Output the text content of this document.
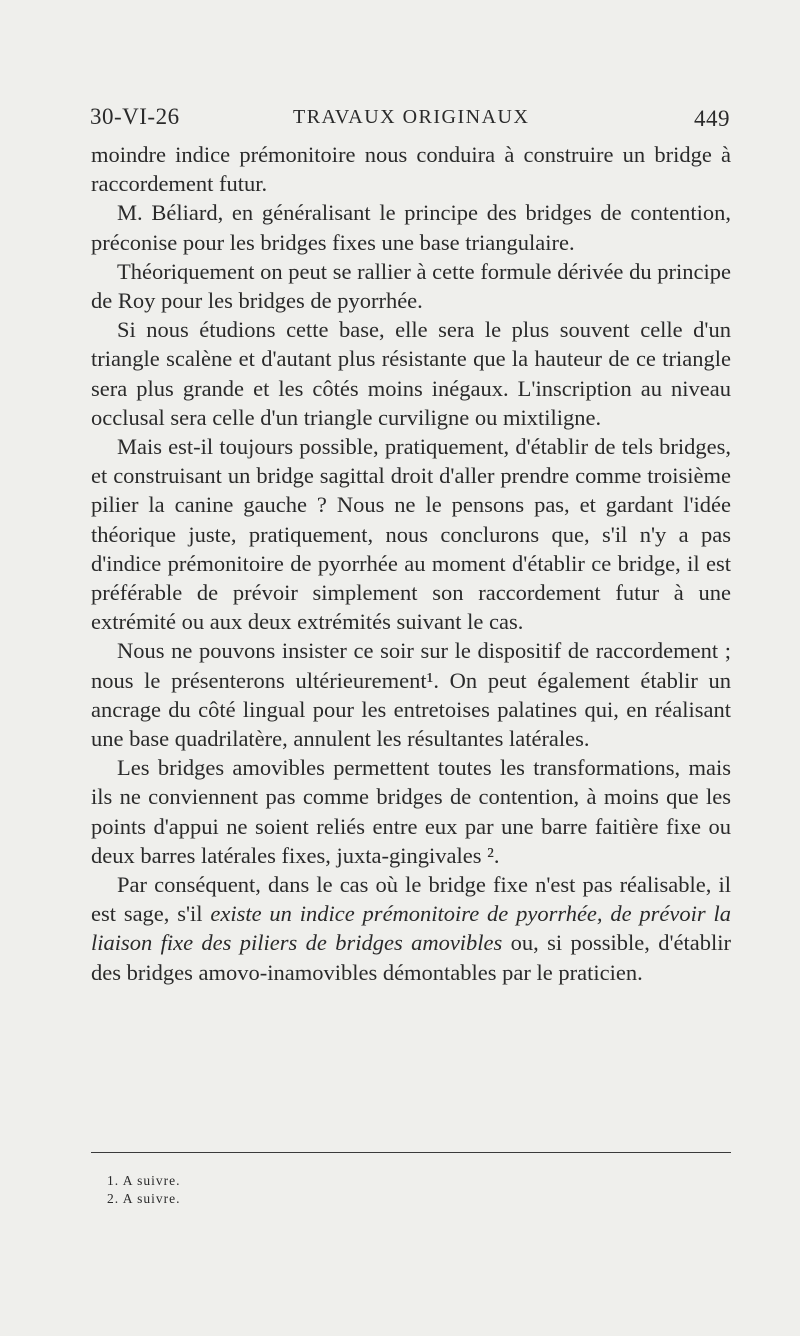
30-VI-26	TRAVAUX ORIGINAUX	449

moindre indice prémonitoire nous conduira à construire un bridge à raccordement futur.

M. Béliard, en généralisant le principe des bridges de contention, préconise pour les bridges fixes une base triangulaire.

Théoriquement on peut se rallier à cette formule dérivée du principe de Roy pour les bridges de pyorrhée.

Si nous étudions cette base, elle sera le plus souvent celle d'un triangle scalène et d'autant plus résistante que la hauteur de ce triangle sera plus grande et les côtés moins inégaux. L'inscription au niveau occlusal sera celle d'un triangle curviligne ou mixtiligne.

Mais est-il toujours possible, pratiquement, d'établir de tels bridges, et construisant un bridge sagittal droit d'aller prendre comme troisième pilier la canine gauche ? Nous ne le pensons pas, et gardant l'idée théorique juste, pratiquement, nous conclurons que, s'il n'y a pas d'indice prémonitoire de pyorrhée au moment d'établir ce bridge, il est préférable de prévoir simplement son raccordement futur à une extrémité ou aux deux extrémités suivant le cas.

Nous ne pouvons insister ce soir sur le dispositif de raccordement ; nous le présenterons ultérieurement¹. On peut également établir un ancrage du côté lingual pour les entretoises palatines qui, en réalisant une base quadrilatère, annulent les résultantes latérales.

Les bridges amovibles permettent toutes les transformations, mais ils ne conviennent pas comme bridges de contention, à moins que les points d'appui ne soient reliés entre eux par une barre faitière fixe ou deux barres latérales fixes, juxta-gingivales ².

Par conséquent, dans le cas où le bridge fixe n'est pas réalisable, il est sage, s'il existe un indice prémonitoire de pyorrhée, de prévoir la liaison fixe des piliers de bridges amovibles ou, si possible, d'établir des bridges amovo-inamovibles démontables par le praticien.

1. A suivre.
2. A suivre.
